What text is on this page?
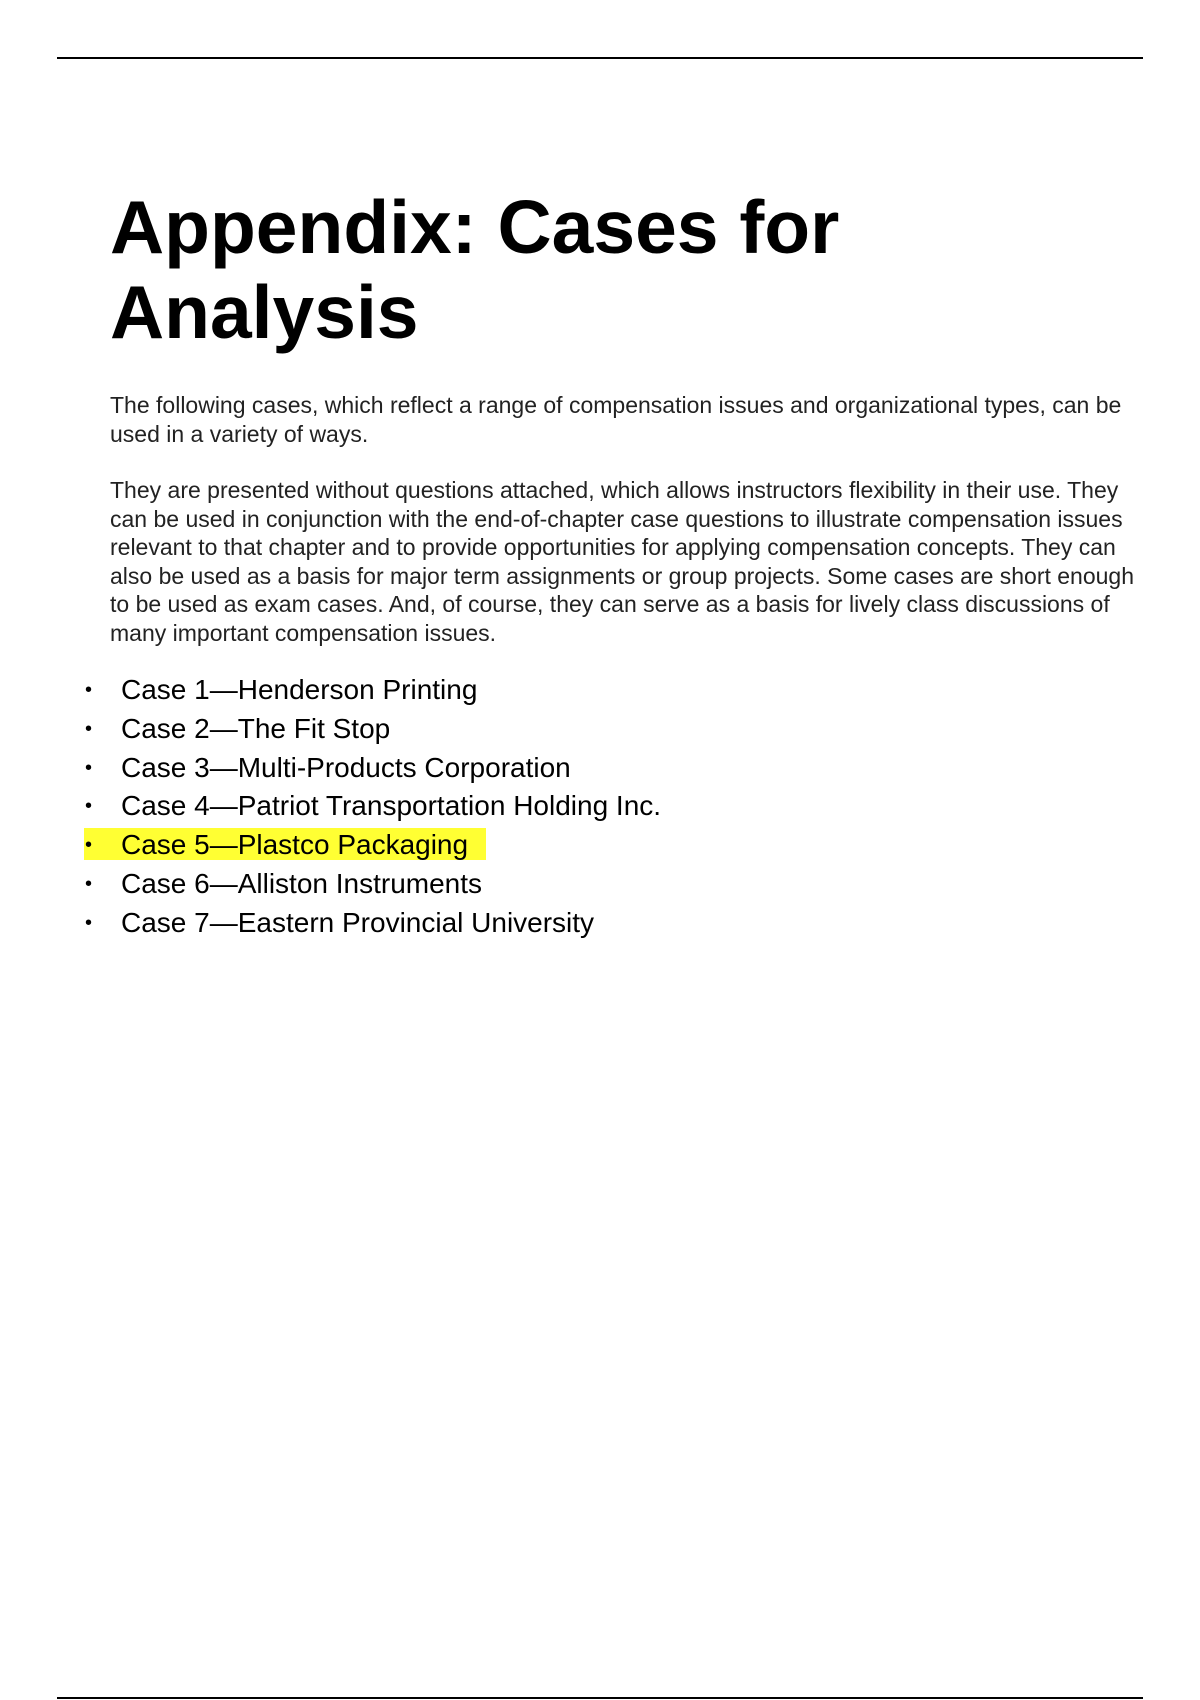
Appendix: Cases for Analysis

The following cases, which reflect a range of compensation issues and organizational types, can be used in a variety of ways.

They are presented without questions attached, which allows instructors flexibility in their use. They can be used in conjunction with the end-of-chapter case questions to illustrate compensation issues relevant to that chapter and to provide opportunities for applying compensation concepts. They can also be used as a basis for major term assignments or group projects. Some cases are short enough to be used as exam cases. And, of course, they can serve as a basis for lively class discussions of many important compensation issues.

• Case 1—Henderson Printing
• Case 2—The Fit Stop
• Case 3—Multi-Products Corporation
• Case 4—Patriot Transportation Holding Inc.
• Case 5—Plastco Packaging
• Case 6—Alliston Instruments
• Case 7—Eastern Provincial University
